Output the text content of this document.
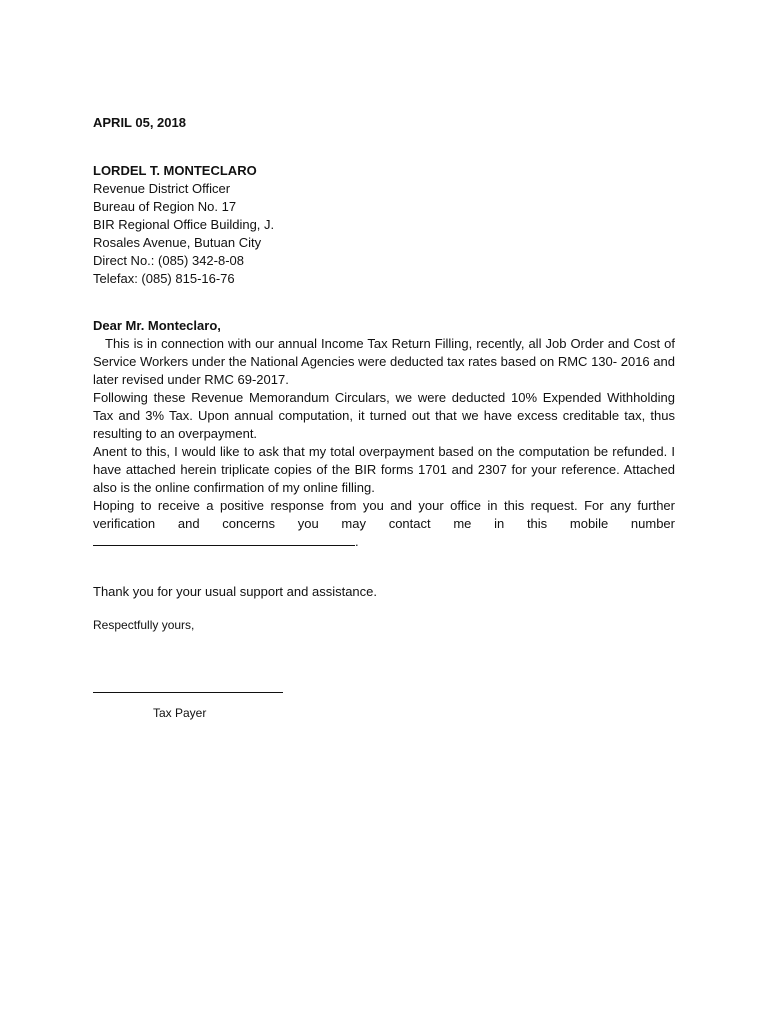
APRIL 05, 2018
LORDEL T. MONTECLARO
Revenue District Officer
Bureau of Region No. 17
BIR Regional Office Building, J.
Rosales Avenue, Butuan City
Direct No.: (085) 342-8-08
Telefax: (085) 815-16-76
Dear Mr. Monteclaro,

This is in connection with our annual Income Tax Return Filling, recently, all Job Order and Cost of Service Workers under the National Agencies were deducted tax rates based on RMC 130- 2016 and later revised under RMC 69-2017.

Following these Revenue Memorandum Circulars, we were deducted 10% Expended Withholding Tax and 3% Tax. Upon annual computation, it turned out that we have excess creditable tax, thus resulting to an overpayment.

Anent to this, I would like to ask that my total overpayment based on the computation be refunded. I have attached herein triplicate copies of the BIR forms 1701 and 2307 for your reference. Attached also is the online confirmation of my online filling.

Hoping to receive a positive response from you and your office in this request. For any further verification and concerns you may contact me in this mobile number .

Thank you for your usual support and assistance.
Respectfully yours,
Tax Payer
